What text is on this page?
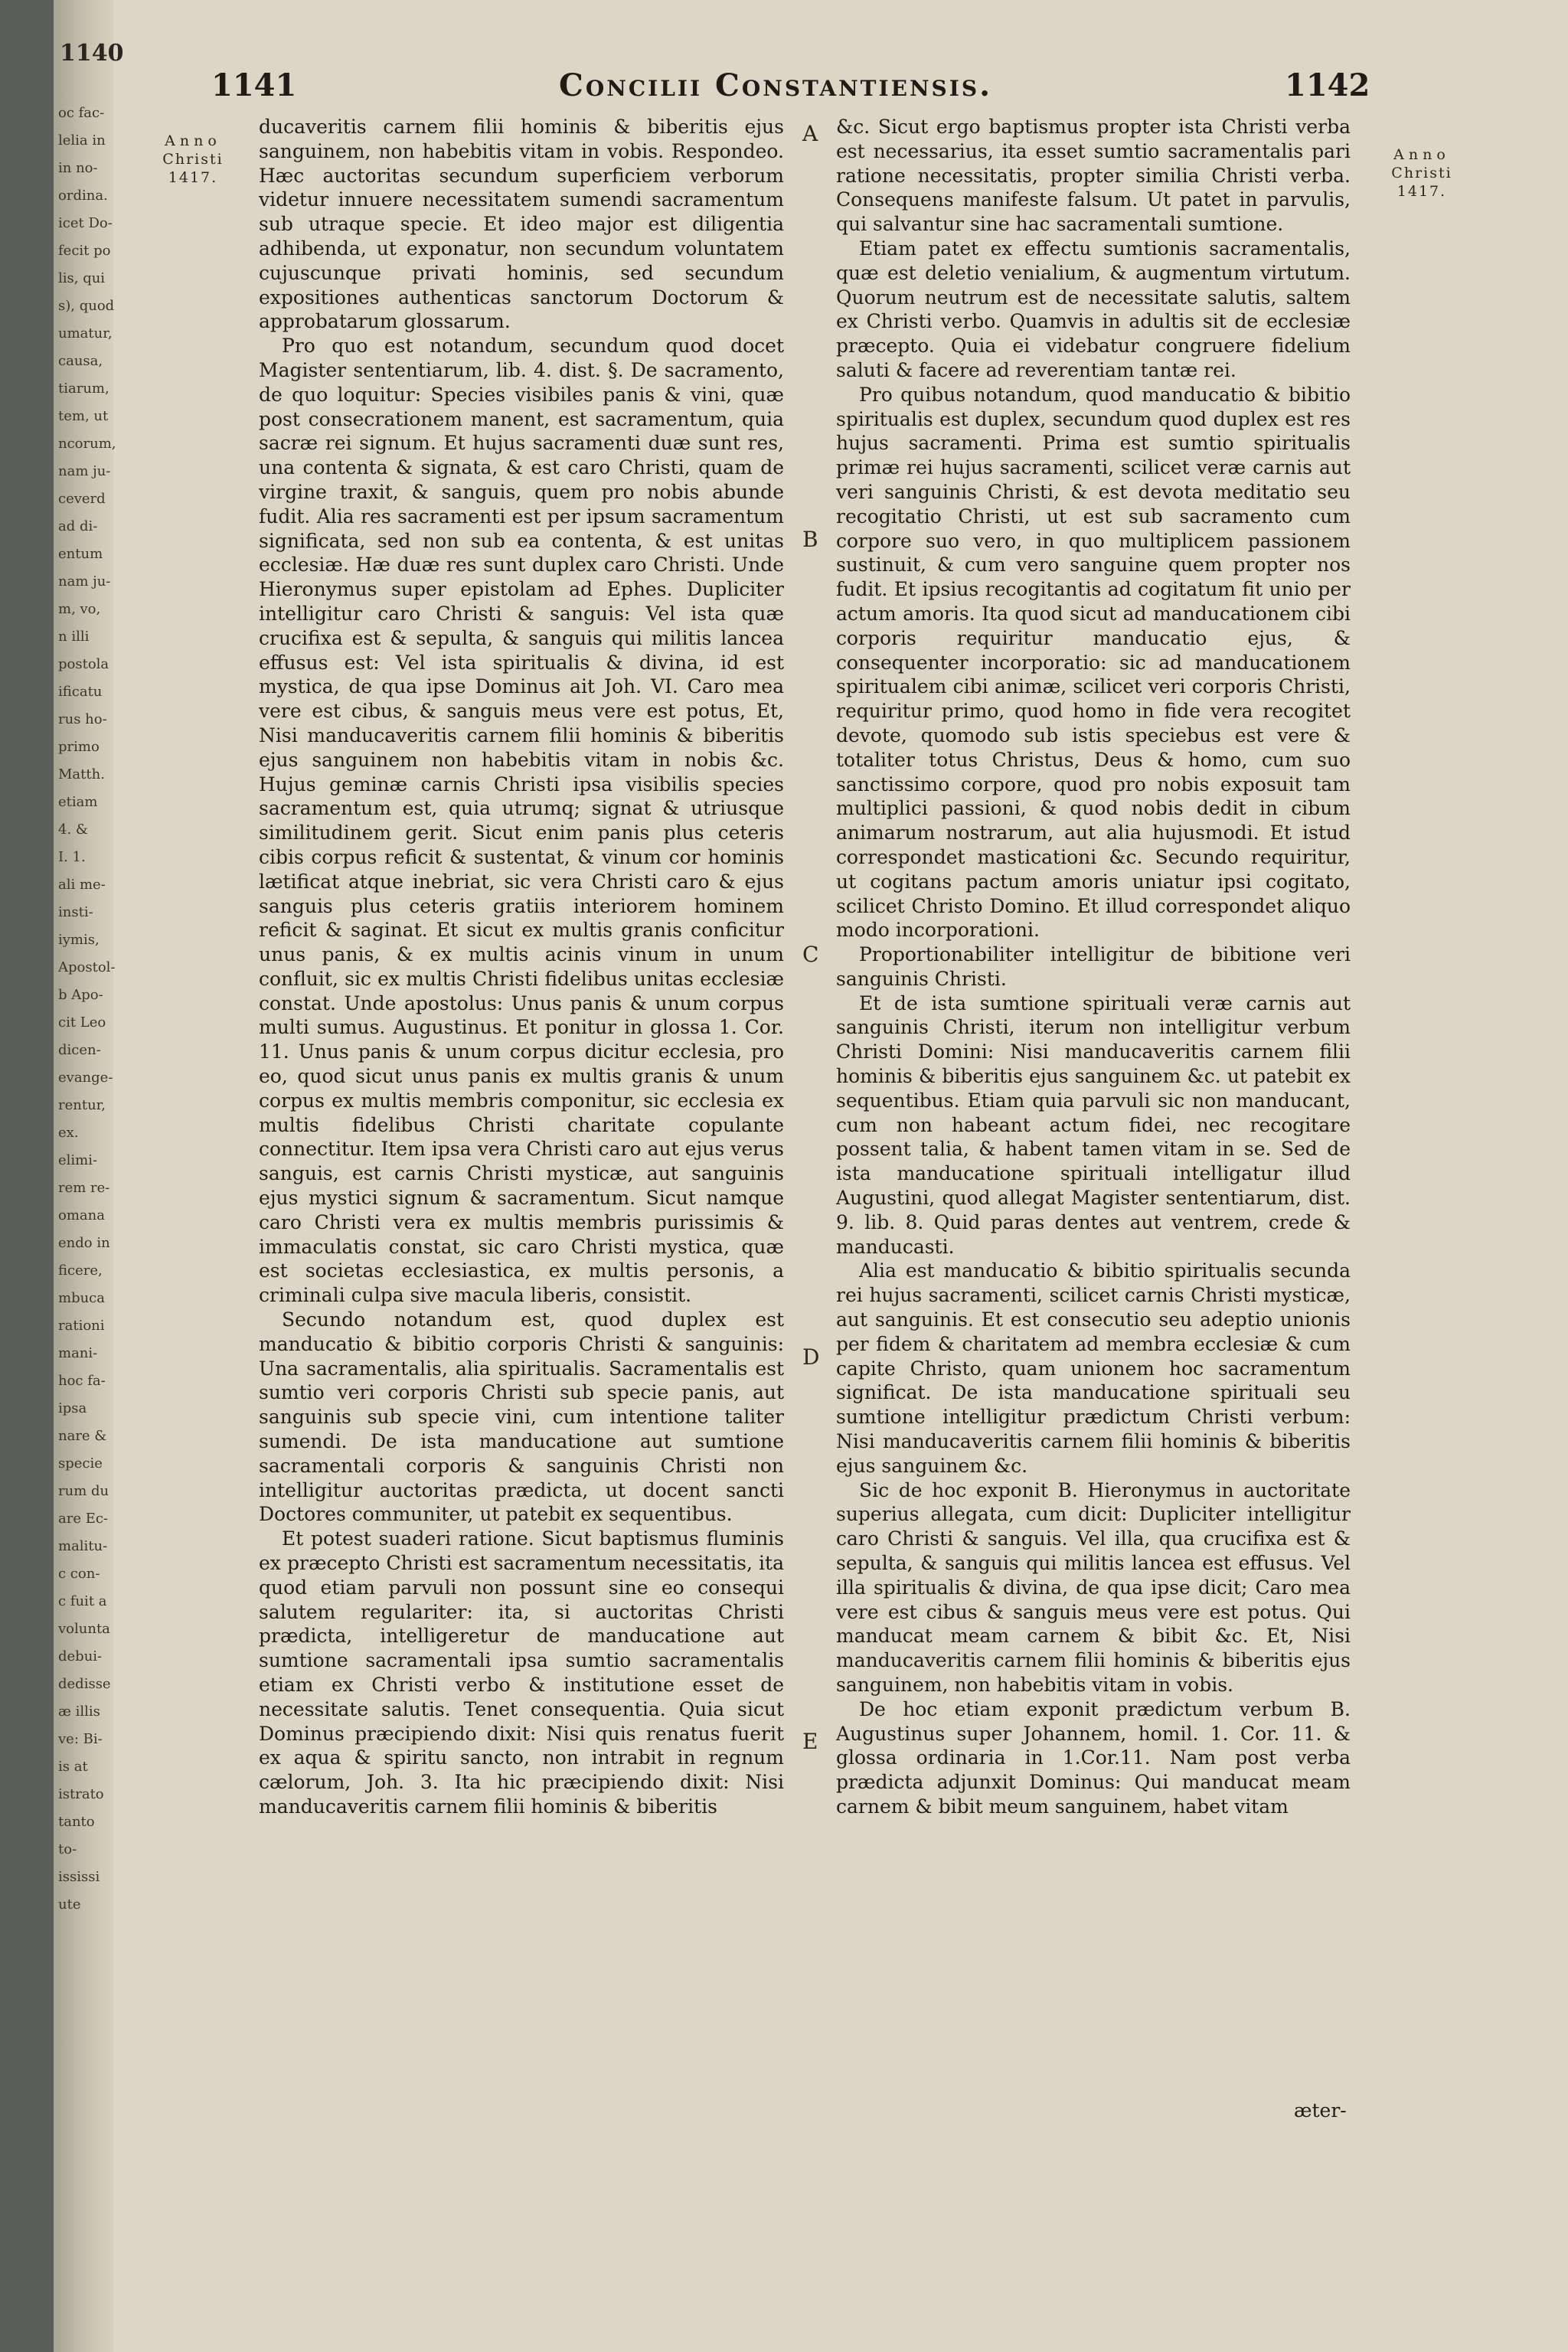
1140
oc fac-
lelia in
in no-
ordina.
icet Do-
fecit po
lis, qui
s), quod
umatur,
causa,
tiarum,
tem, ut
ncorum,
nam ju-
ceverd
ad di-
entum
nam ju-
m, vo,
n illi
postola
ificatu
rus ho-
primo
Matth.
etiam
4. &
I. 1.
ali me-
insti-
iymis,
Apostol-
b Apo-
cit Leo
dicen-
evange-
rentur,
ex.
elimi-
rem re-
omana
endo in
ficere,
mbuca
rationi
mani-
hoc fa-
ipsa
nare &
specie
rum du
are Ec-
malitu-
c con-
c fuit a
volunta
debui-
dedisse
æ illis
ve: Bi-
is at
istrato
tanto
to-
ississi
ute
1141	Concilii Constantiensis.	1142
Anno
Christi
1417.
Anno
Christi
1417.
A
B
C
D
E

ducaveritis carnem filii hominis & biberitis ejus sanguinem, non habebitis vitam in vobis. Respondeo. Hæc auctoritas secundum superficiem verborum videtur innuere necessitatem sumendi sacramentum sub utraque specie. Et ideo major est diligentia adhibenda, ut exponatur, non secundum voluntatem cujuscunque privati hominis, sed secundum expositiones authenticas sanctorum Doctorum & approbatarum glossarum.

Pro quo est notandum, secundum quod docet Magister sententiarum, lib. 4. dist. §. De sacramento, de quo loquitur: Species visibiles panis & vini, quæ post consecrationem manent, est sacramentum, quia sacræ rei signum. Et hujus sacramenti duæ sunt res, una contenta & signata, & est caro Christi, quam de virgine traxit, & sanguis, quem pro nobis abunde fudit. Alia res sacramenti est per ipsum sacramentum significata, sed non sub ea contenta, & est unitas ecclesiæ. Hæ duæ res sunt duplex caro Christi. Unde Hieronymus super epistolam ad Ephes. Dupliciter intelligitur caro Christi & sanguis: Vel ista quæ crucifixa est & sepulta, & sanguis qui militis lancea effusus est: Vel ista spiritualis & divina, id est mystica, de qua ipse Dominus ait Joh. VI. Caro mea vere est cibus, & sanguis meus vere est potus, Et, Nisi manducaveritis carnem filii hominis & biberitis ejus sanguinem non habebitis vitam in nobis &c. Hujus geminæ carnis Christi ipsa visibilis species sacramentum est, quia utrumq; signat & utriusque similitudinem gerit. Sicut enim panis plus ceteris cibis corpus reficit & sustentat, & vinum cor hominis lætificat atque inebriat, sic vera Christi caro & ejus sanguis plus ceteris gratiis interiorem hominem reficit & saginat. Et sicut ex multis granis conficitur unus panis, & ex multis acinis vinum in unum confluit, sic ex multis Christi fidelibus unitas ecclesiæ constat. Unde apostolus: Unus panis & unum corpus multi sumus. Augustinus. Et ponitur in glossa 1. Cor. 11. Unus panis & unum corpus dicitur ecclesia, pro eo, quod sicut unus panis ex multis granis & unum corpus ex multis membris componitur, sic ecclesia ex multis fidelibus Christi charitate copulante connectitur. Item ipsa vera Christi caro aut ejus verus sanguis, est carnis Christi mysticæ, aut sanguinis ejus mystici signum & sacramentum. Sicut namque caro Christi vera ex multis membris purissimis & immaculatis constat, sic caro Christi mystica, quæ est societas ecclesiastica, ex multis personis, a criminali culpa sive macula liberis, consistit.

Secundo notandum est, quod duplex est manducatio & bibitio corporis Christi & sanguinis: Una sacramentalis, alia spiritualis. Sacramentalis est sumtio veri corporis Christi sub specie panis, aut sanguinis sub specie vini, cum intentione taliter sumendi. De ista manducatione aut sumtione sacramentali corporis & sanguinis Christi non intelligitur auctoritas prædicta, ut docent sancti Doctores communiter, ut patebit ex sequentibus.

Et potest suaderi ratione. Sicut baptismus fluminis ex præcepto Christi est sacramentum necessitatis, ita quod etiam parvuli non possunt sine eo consequi salutem regulariter: ita, si auctoritas Christi prædicta, intelligeretur de manducatione aut sumtione sacramentali ipsa sumtio sacramentalis etiam ex Christi verbo & institutione esset de necessitate salutis. Tenet consequentia. Quia sicut Dominus præcipiendo dixit: Nisi quis renatus fuerit ex aqua & spiritu sancto, non intrabit in regnum cælorum, Joh. 3. Ita hic præcipiendo dixit: Nisi manducaveritis carnem filii hominis & biberitis

&c. Sicut ergo baptismus propter ista Christi verba est necessarius, ita esset sumtio sacramentalis pari ratione necessitatis, propter similia Christi verba. Consequens manifeste falsum. Ut patet in parvulis, qui salvantur sine hac sacramentali sumtione.

Etiam patet ex effectu sumtionis sacramentalis, quæ est deletio venialium, & augmentum virtutum. Quorum neutrum est de necessitate salutis, saltem ex Christi verbo. Quamvis in adultis sit de ecclesiæ præcepto. Quia ei videbatur congruere fidelium saluti & facere ad reverentiam tantæ rei.

Pro quibus notandum, quod manducatio & bibitio spiritualis est duplex, secundum quod duplex est res hujus sacramenti. Prima est sumtio spiritualis primæ rei hujus sacramenti, scilicet veræ carnis aut veri sanguinis Christi, & est devota meditatio seu recogitatio Christi, ut est sub sacramento cum corpore suo vero, in quo multiplicem passionem sustinuit, & cum vero sanguine quem propter nos fudit. Et ipsius recogitantis ad cogitatum fit unio per actum amoris. Ita quod sicut ad manducationem cibi corporis requiritur manducatio ejus, & consequenter incorporatio: sic ad manducationem spiritualem cibi animæ, scilicet veri corporis Christi, requiritur primo, quod homo in fide vera recogitet devote, quomodo sub istis speciebus est vere & totaliter totus Christus, Deus & homo, cum suo sanctissimo corpore, quod pro nobis exposuit tam multiplici passioni, & quod nobis dedit in cibum animarum nostrarum, aut alia hujusmodi. Et istud correspondet masticationi &c. Secundo requiritur, ut cogitans pactum amoris uniatur ipsi cogitato, scilicet Christo Domino. Et illud correspondet aliquo modo incorporationi.

Proportionabiliter intelligitur de bibitione veri sanguinis Christi.

Et de ista sumtione spirituali veræ carnis aut sanguinis Christi, iterum non intelligitur verbum Christi Domini: Nisi manducaveritis carnem filii hominis & biberitis ejus sanguinem &c. ut patebit ex sequentibus. Etiam quia parvuli sic non manducant, cum non habeant actum fidei, nec recogitare possent talia, & habent tamen vitam in se. Sed de ista manducatione spirituali intelligatur illud Augustini, quod allegat Magister sententiarum, dist. 9. lib. 8. Quid paras dentes aut ventrem, crede & manducasti.

Alia est manducatio & bibitio spiritualis secunda rei hujus sacramenti, scilicet carnis Christi mysticæ, aut sanguinis. Et est consecutio seu adeptio unionis per fidem & charitatem ad membra ecclesiæ & cum capite Christo, quam unionem hoc sacramentum significat. De ista manducatione spirituali seu sumtione intelligitur prædictum Christi verbum: Nisi manducaveritis carnem filii hominis & biberitis ejus sanguinem &c.

Sic de hoc exponit B. Hieronymus in auctoritate superius allegata, cum dicit: Dupliciter intelligitur caro Christi & sanguis. Vel illa, qua crucifixa est & sepulta, & sanguis qui militis lancea est effusus. Vel illa spiritualis & divina, de qua ipse dicit; Caro mea vere est cibus & sanguis meus vere est potus. Qui manducat meam carnem & bibit &c. Et, Nisi manducaveritis carnem filii hominis & biberitis ejus sanguinem, non habebitis vitam in vobis.

De hoc etiam exponit prædictum verbum B. Augustinus super Johannem, homil. 1. Cor. 11. & glossa ordinaria in 1.Cor.11. Nam post verba prædicta adjunxit Dominus: Qui manducat meam carnem & bibit meum sanguinem, habet vitam

æter-
